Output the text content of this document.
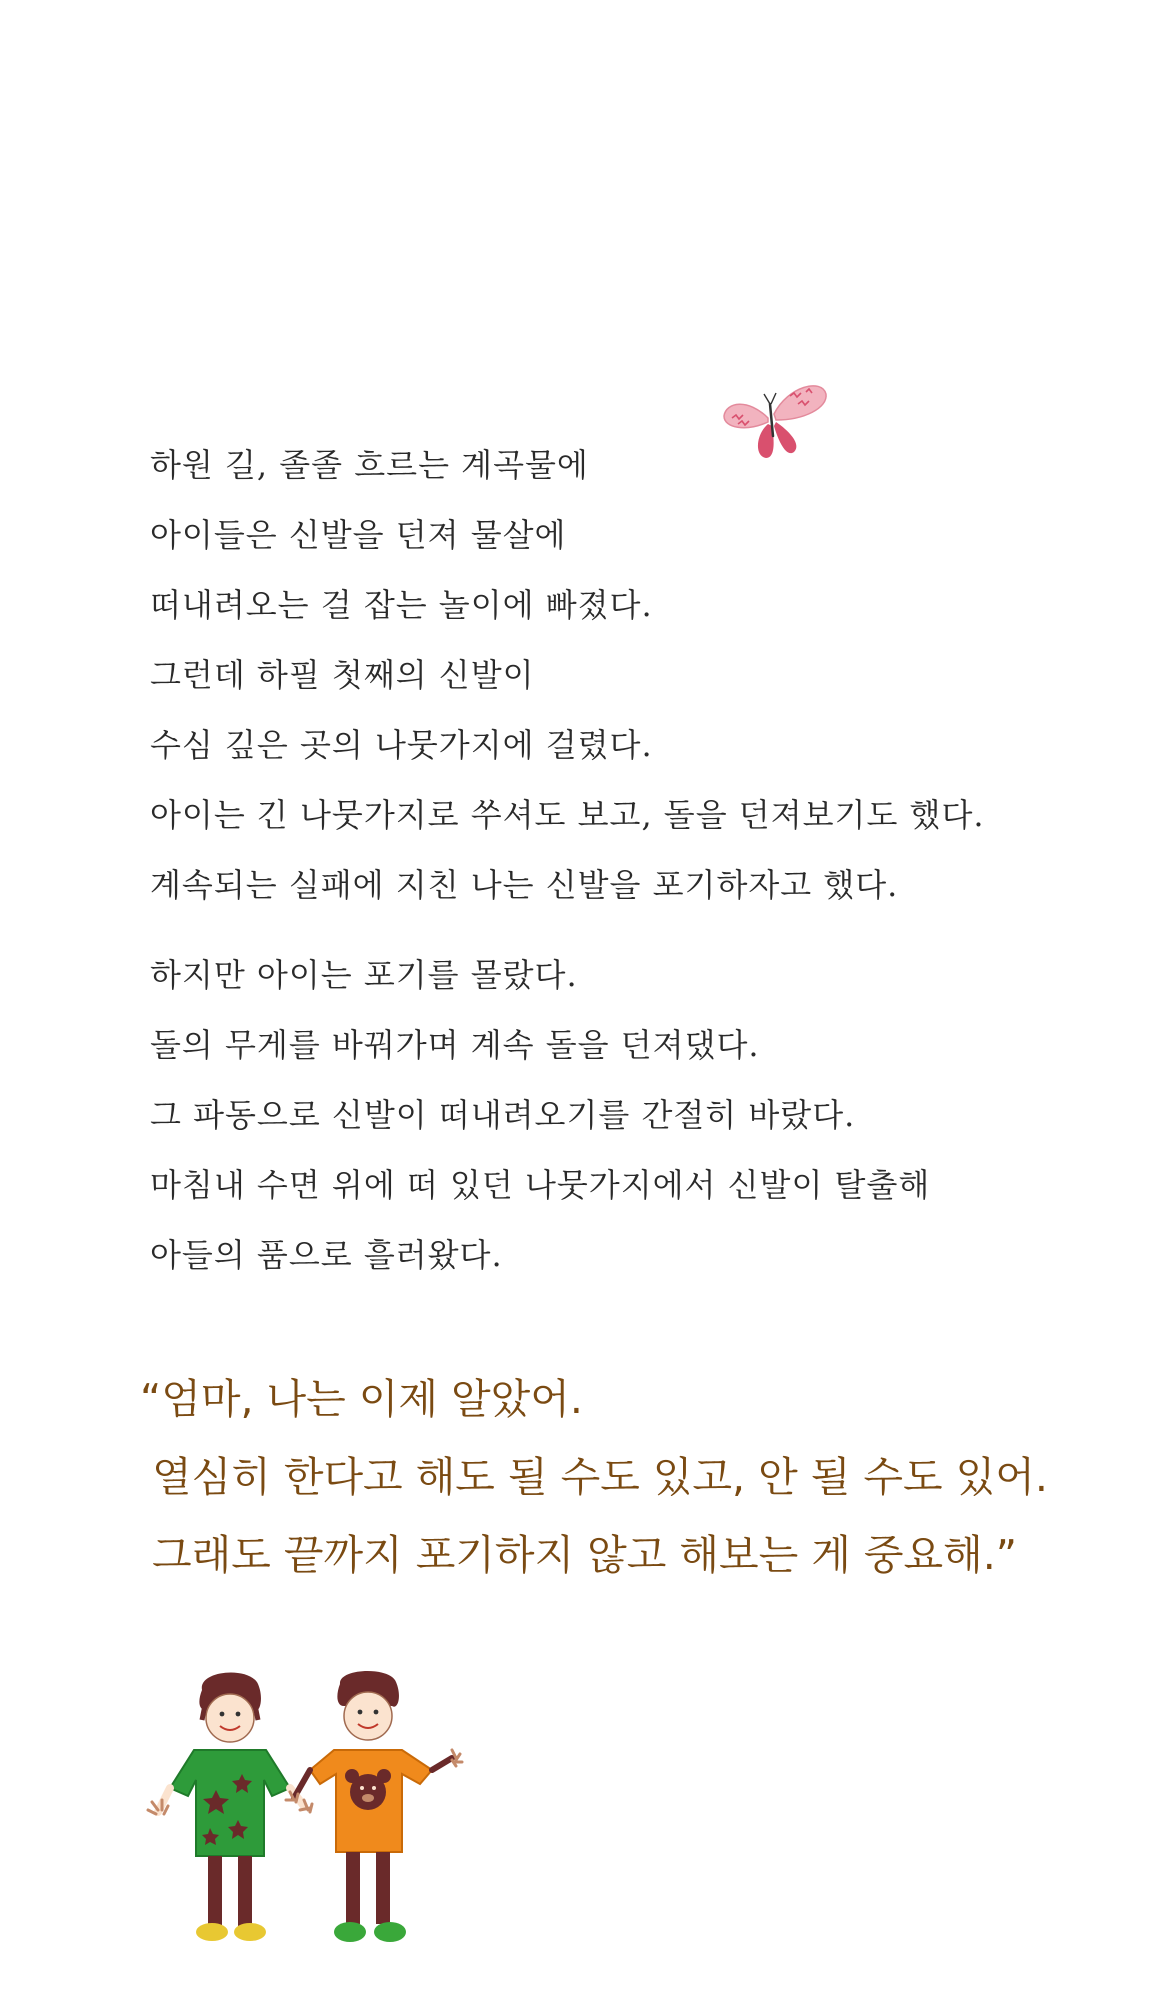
하원 길, 졸졸 흐르는 계곡물에

아이들은 신발을 던져 물살에

떠내려오는 걸 잡는 놀이에 빠졌다.

그런데 하필 첫째의 신발이

수심 깊은 곳의 나뭇가지에 걸렸다.

아이는 긴 나뭇가지로 쑤셔도 보고, 돌을 던져보기도 했다.

계속되는 실패에 지친 나는 신발을 포기하자고 했다.

하지만 아이는 포기를 몰랐다.

돌의 무게를 바꿔가며 계속 돌을 던져댔다.

그 파동으로 신발이 떠내려오기를 간절히 바랐다.

마침내 수면 위에 떠 있던 나뭇가지에서 신발이 탈출해

아들의 품으로 흘러왔다.

“엄마, 나는 이제 알았어.

열심히 한다고 해도 될 수도 있고, 안 될 수도 있어.

그래도 끝까지 포기하지 않고 해보는 게 중요해.”
